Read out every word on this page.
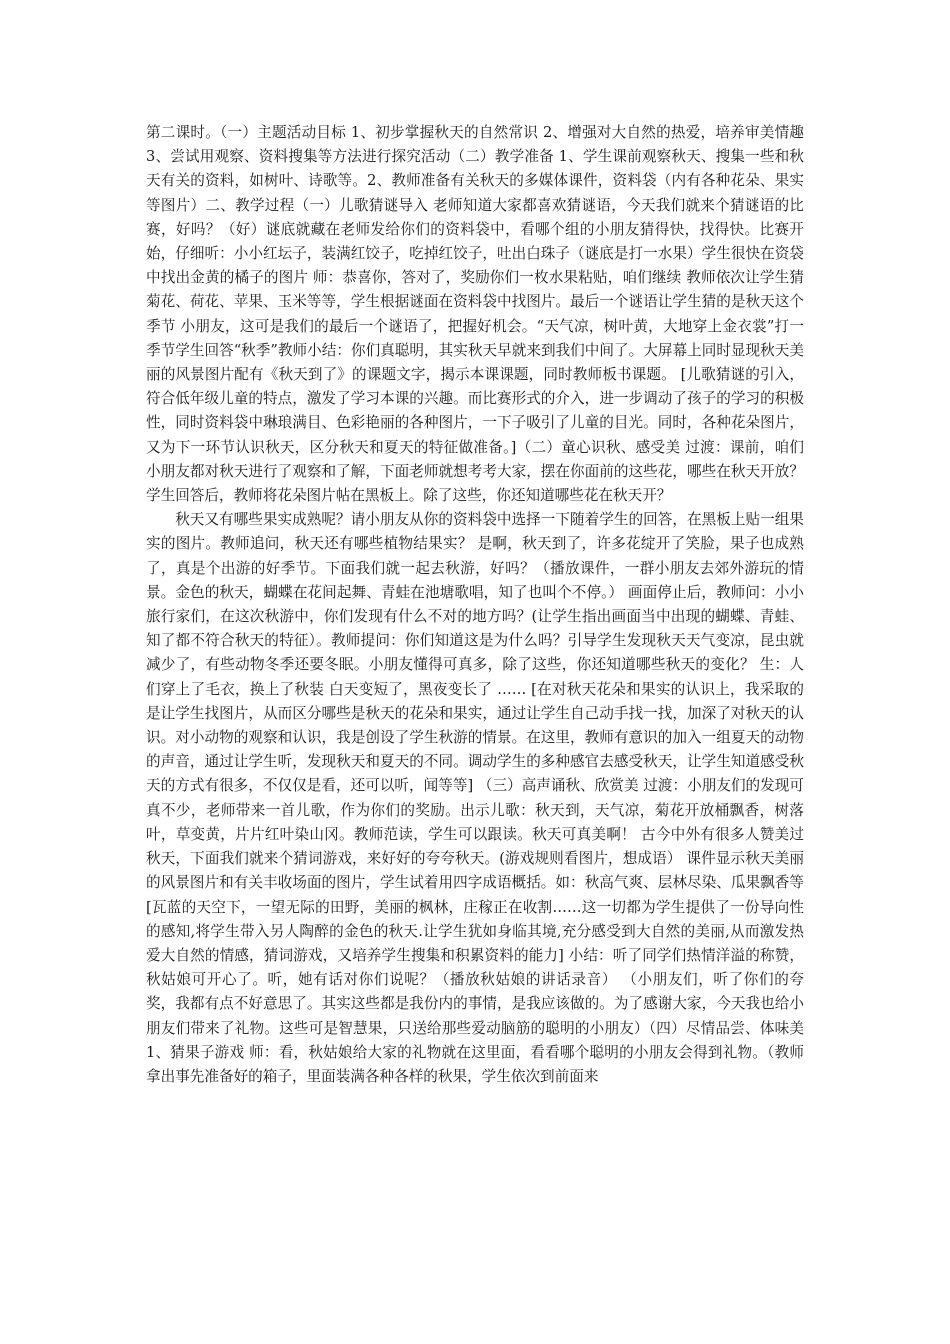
第二课时。（一）主题活动目标 1、初步掌握秋天的自然常识 2、增强对大自然的热爱，培养审美情趣 3、尝试用观察、资料搜集等方法进行探究活动（二）教学准备 1、学生课前观察秋天、搜集一些和秋天有关的资料，如树叶、诗歌等。2、教师准备有关秋天的多媒体课件，资料袋（内有各种花朵、果实等图片）二、教学过程（一）儿歌猜谜导入 老师知道大家都喜欢猜谜语，今天我们就来个猜谜语的比赛，好吗？（好）谜底就藏在老师发给你们的资料袋中，看哪个组的小朋友猜得快，找得快。比赛开始，仔细听：小小红坛子，装满红饺子，吃掉红饺子，吐出白珠子（谜底是打一水果）学生很快在资袋中找出金黄的橘子的图片 师：恭喜你，答对了，奖励你们一枚水果粘贴，咱们继续 教师依次让学生猜菊花、荷花、苹果、玉米等等，学生根据谜面在资料袋中找图片。最后一个谜语让学生猜的是秋天这个季节 小朋友，这可是我们的最后一个谜语了，把握好机会。“天气凉，树叶黄，大地穿上金衣裳”打一季节学生回答“秋季”教师小结：你们真聪明，其实秋天早就来到我们中间了。大屏幕上同时显现秋天美丽的风景图片配有《秋天到了》的课题文字，揭示本课课题，同时教师板书课题。 [儿歌猜谜的引入，符合低年级儿童的特点，激发了学习本课的兴趣。而比赛形式的介入，进一步调动了孩子的学习的积极性，同时资料袋中琳琅满目、色彩艳丽的各种图片，一下子吸引了儿童的目光。同时，各种花朵图片，又为下一环节认识秋天，区分秋天和夏天的特征做准备。]（二）童心识秋、感受美 过渡：课前，咱们小朋友都对秋天进行了观察和了解，下面老师就想考考大家，摆在你面前的这些花，哪些在秋天开放？ 学生回答后，教师将花朵图片帖在黑板上。除了这些，你还知道哪些花在秋天开？

秋天又有哪些果实成熟呢？请小朋友从你的资料袋中选择一下随着学生的回答，在黑板上贴一组果实的图片。教师追问，秋天还有哪些植物结果实？ 是啊，秋天到了，许多花绽开了笑脸，果子也成熟了，真是个出游的好季节。下面我们就一起去秋游，好吗？（播放课件，一群小朋友去郊外游玩的情景。金色的秋天，蝴蝶在花间起舞、青蛙在池塘歌唱，知了也叫个不停。） 画面停止后，教师问：小小旅行家们，在这次秋游中，你们发现有什么不对的地方吗？(让学生指出画面当中出现的蝴蝶、青蛙、知了都不符合秋天的特征）。教师提问：你们知道这是为什么吗？引导学生发现秋天天气变凉，昆虫就减少了，有些动物冬季还要冬眠。小朋友懂得可真多，除了这些，你还知道哪些秋天的变化？ 生：人们穿上了毛衣，换上了秋装 白天变短了，黑夜变长了 …… [在对秋天花朵和果实的认识上，我采取的是让学生找图片，从而区分哪些是秋天的花朵和果实，通过让学生自己动手找一找，加深了对秋天的认识。对小动物的观察和认识，我是创设了学生秋游的情景。在这里，教师有意识的加入一组夏天的动物的声音，通过让学生听，发现秋天和夏天的不同。调动学生的多种感官去感受秋天，让学生知道感受秋天的方式有很多，不仅仅是看，还可以听，闻等等] （三）高声诵秋、欣赏美 过渡：小朋友们的发现可真不少，老师带来一首儿歌，作为你们的奖励。出示儿歌：秋天到，天气凉，菊花开放桶飘香，树落叶，草变黄，片片红叶染山冈。教师范读，学生可以跟读。秋天可真美啊！ 古今中外有很多人赞美过秋天，下面我们就来个猜词游戏，来好好的夸夸秋天。(游戏规则看图片，想成语） 课件显示秋天美丽的风景图片和有关丰收场面的图片，学生试着用四字成语概括。如：秋高气爽、层林尽染、瓜果飘香等 [瓦蓝的天空下，一望无际的田野，美丽的枫林，庄稼正在收割……这一切都为学生提供了一份导向性的感知,将学生带入另人陶醉的金色的秋天.让学生犹如身临其境,充分感受到大自然的美丽,从而激发热爱大自然的情感，猜词游戏，又培养学生搜集和积累资料的能力] 小结：听了同学们热情洋溢的称赞，秋姑娘可开心了。听，她有话对你们说呢？（播放秋姑娘的讲话录音） （小朋友们，听了你们的夸奖，我都有点不好意思了。其实这些都是我份内的事情，是我应该做的。为了感谢大家，今天我也给小朋友们带来了礼物。这些可是智慧果，只送给那些爱动脑筋的聪明的小朋友）（四）尽情品尝、体味美 1、猜果子游戏 师：看，秋姑娘给大家的礼物就在这里面，看看哪个聪明的小朋友会得到礼物。（教师拿出事先准备好的箱子，里面装满各种各样的秋果，学生依次到前面来
